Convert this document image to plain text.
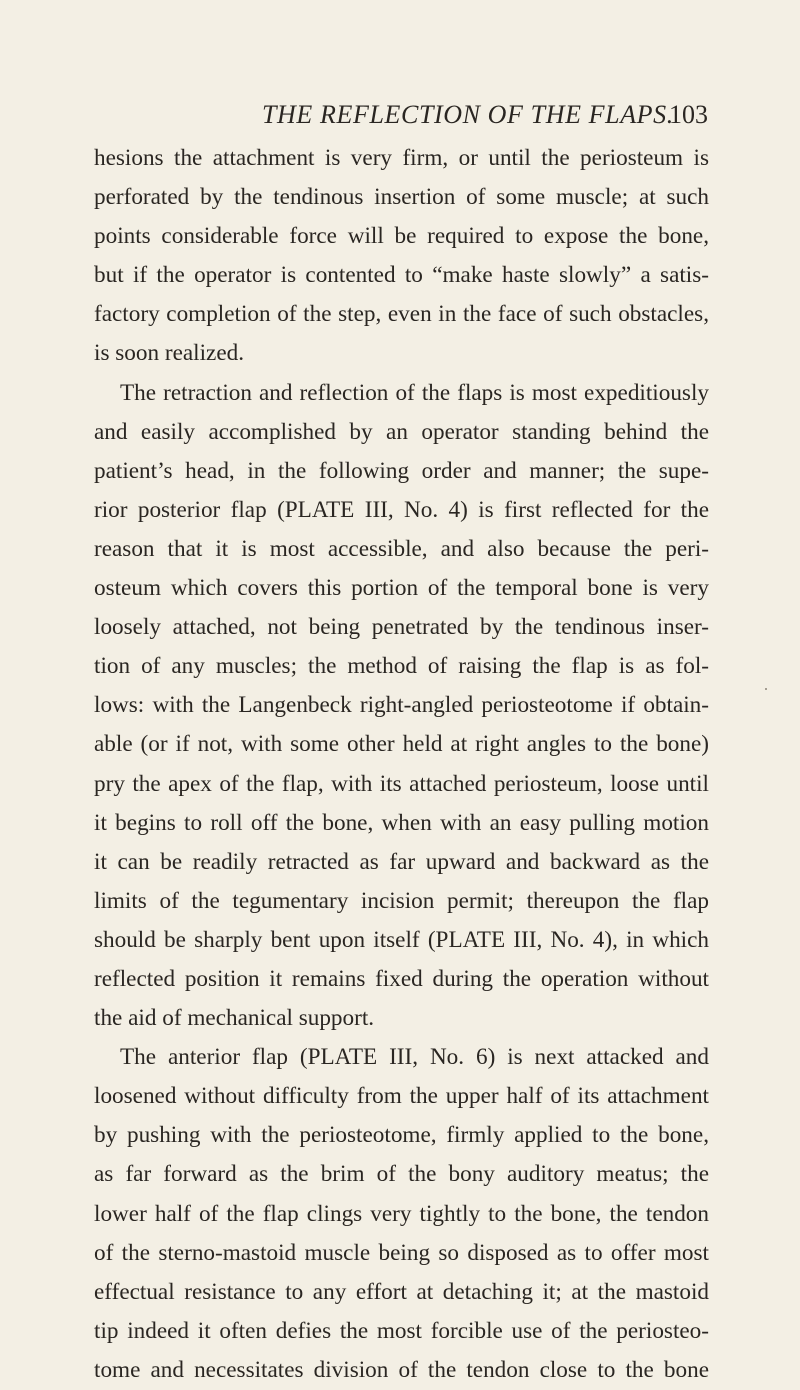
THE REFLECTION OF THE FLAPS.
103
hesions the attachment is very firm, or until the periosteum is
perforated by the tendinous insertion of some muscle; at such
points considerable force will be required to expose the bone,
but if the operator is contented to “make haste slowly” a satis-
factory completion of the step, even in the face of such obstacles,
is soon realized.
The retraction and reflection of the flaps is most expeditiously
and easily accomplished by an operator standing behind the
patient’s head, in the following order and manner; the supe-
rior posterior flap (PLATE III, No. 4) is first reflected for the
reason that it is most accessible, and also because the peri-
osteum which covers this portion of the temporal bone is very
loosely attached, not being penetrated by the tendinous inser-
tion of any muscles; the method of raising the flap is as fol-
lows: with the Langenbeck right-angled periosteotome if obtain-
able (or if not, with some other held at right angles to the bone)
pry the apex of the flap, with its attached periosteum, loose until
it begins to roll off the bone, when with an easy pulling motion
it can be readily retracted as far upward and backward as the
limits of the tegumentary incision permit; thereupon the flap
should be sharply bent upon itself (PLATE III, No. 4), in which
reflected position it remains fixed during the operation without
the aid of mechanical support.
The anterior flap (PLATE III, No. 6) is next attacked and
loosened without difficulty from the upper half of its attachment
by pushing with the periosteotome, firmly applied to the bone,
as far forward as the brim of the bony auditory meatus; the
lower half of the flap clings very tightly to the bone, the tendon
of the sterno-mastoid muscle being so disposed as to offer most
effectual resistance to any effort at detaching it; at the mastoid
tip indeed it often defies the most forcible use of the periosteo-
tome and necessitates division of the tendon close to the bone
